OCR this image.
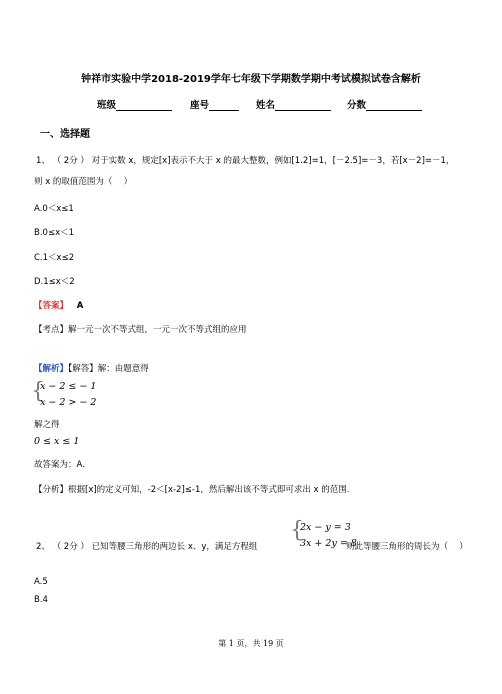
钟祥市实验中学2018-2019学年七年级下学期数学期中考试模拟试卷含解析
班级	座号	姓名	分数
一、选择题
1、 （ 2分 ） 对于实数 x，规定[x]表示不大于 x 的最大整数，例如[1.2]=1，[－2.5]=－3，若[x－2]=－1，
则 x 的取值范围为（　 ）
A.0＜x≤1
B.0≤x＜1
C.1＜x≤2
D.1≤x＜2
【答案】 A
【考点】解一元一次不等式组，一元一次不等式组的应用
【解析】【解答】解：由题意得
{
x − 2 ≤ − 1
x − 2 > − 2
解之得
0 ≤ x ≤ 1
故答案为：A．
【分析】根据[x]的定义可知，-2＜[x-2]≤-1，然后解出该不等式即可求出 x 的范围.
2、 （ 2分 ） 已知等腰三角形的两边长 x、y，满足方程组
{
2x − y = 3
3x + 2y = 8
则此等腰三角形的周长为（　 ）
A.5
B.4
第 1 页，共 19 页
